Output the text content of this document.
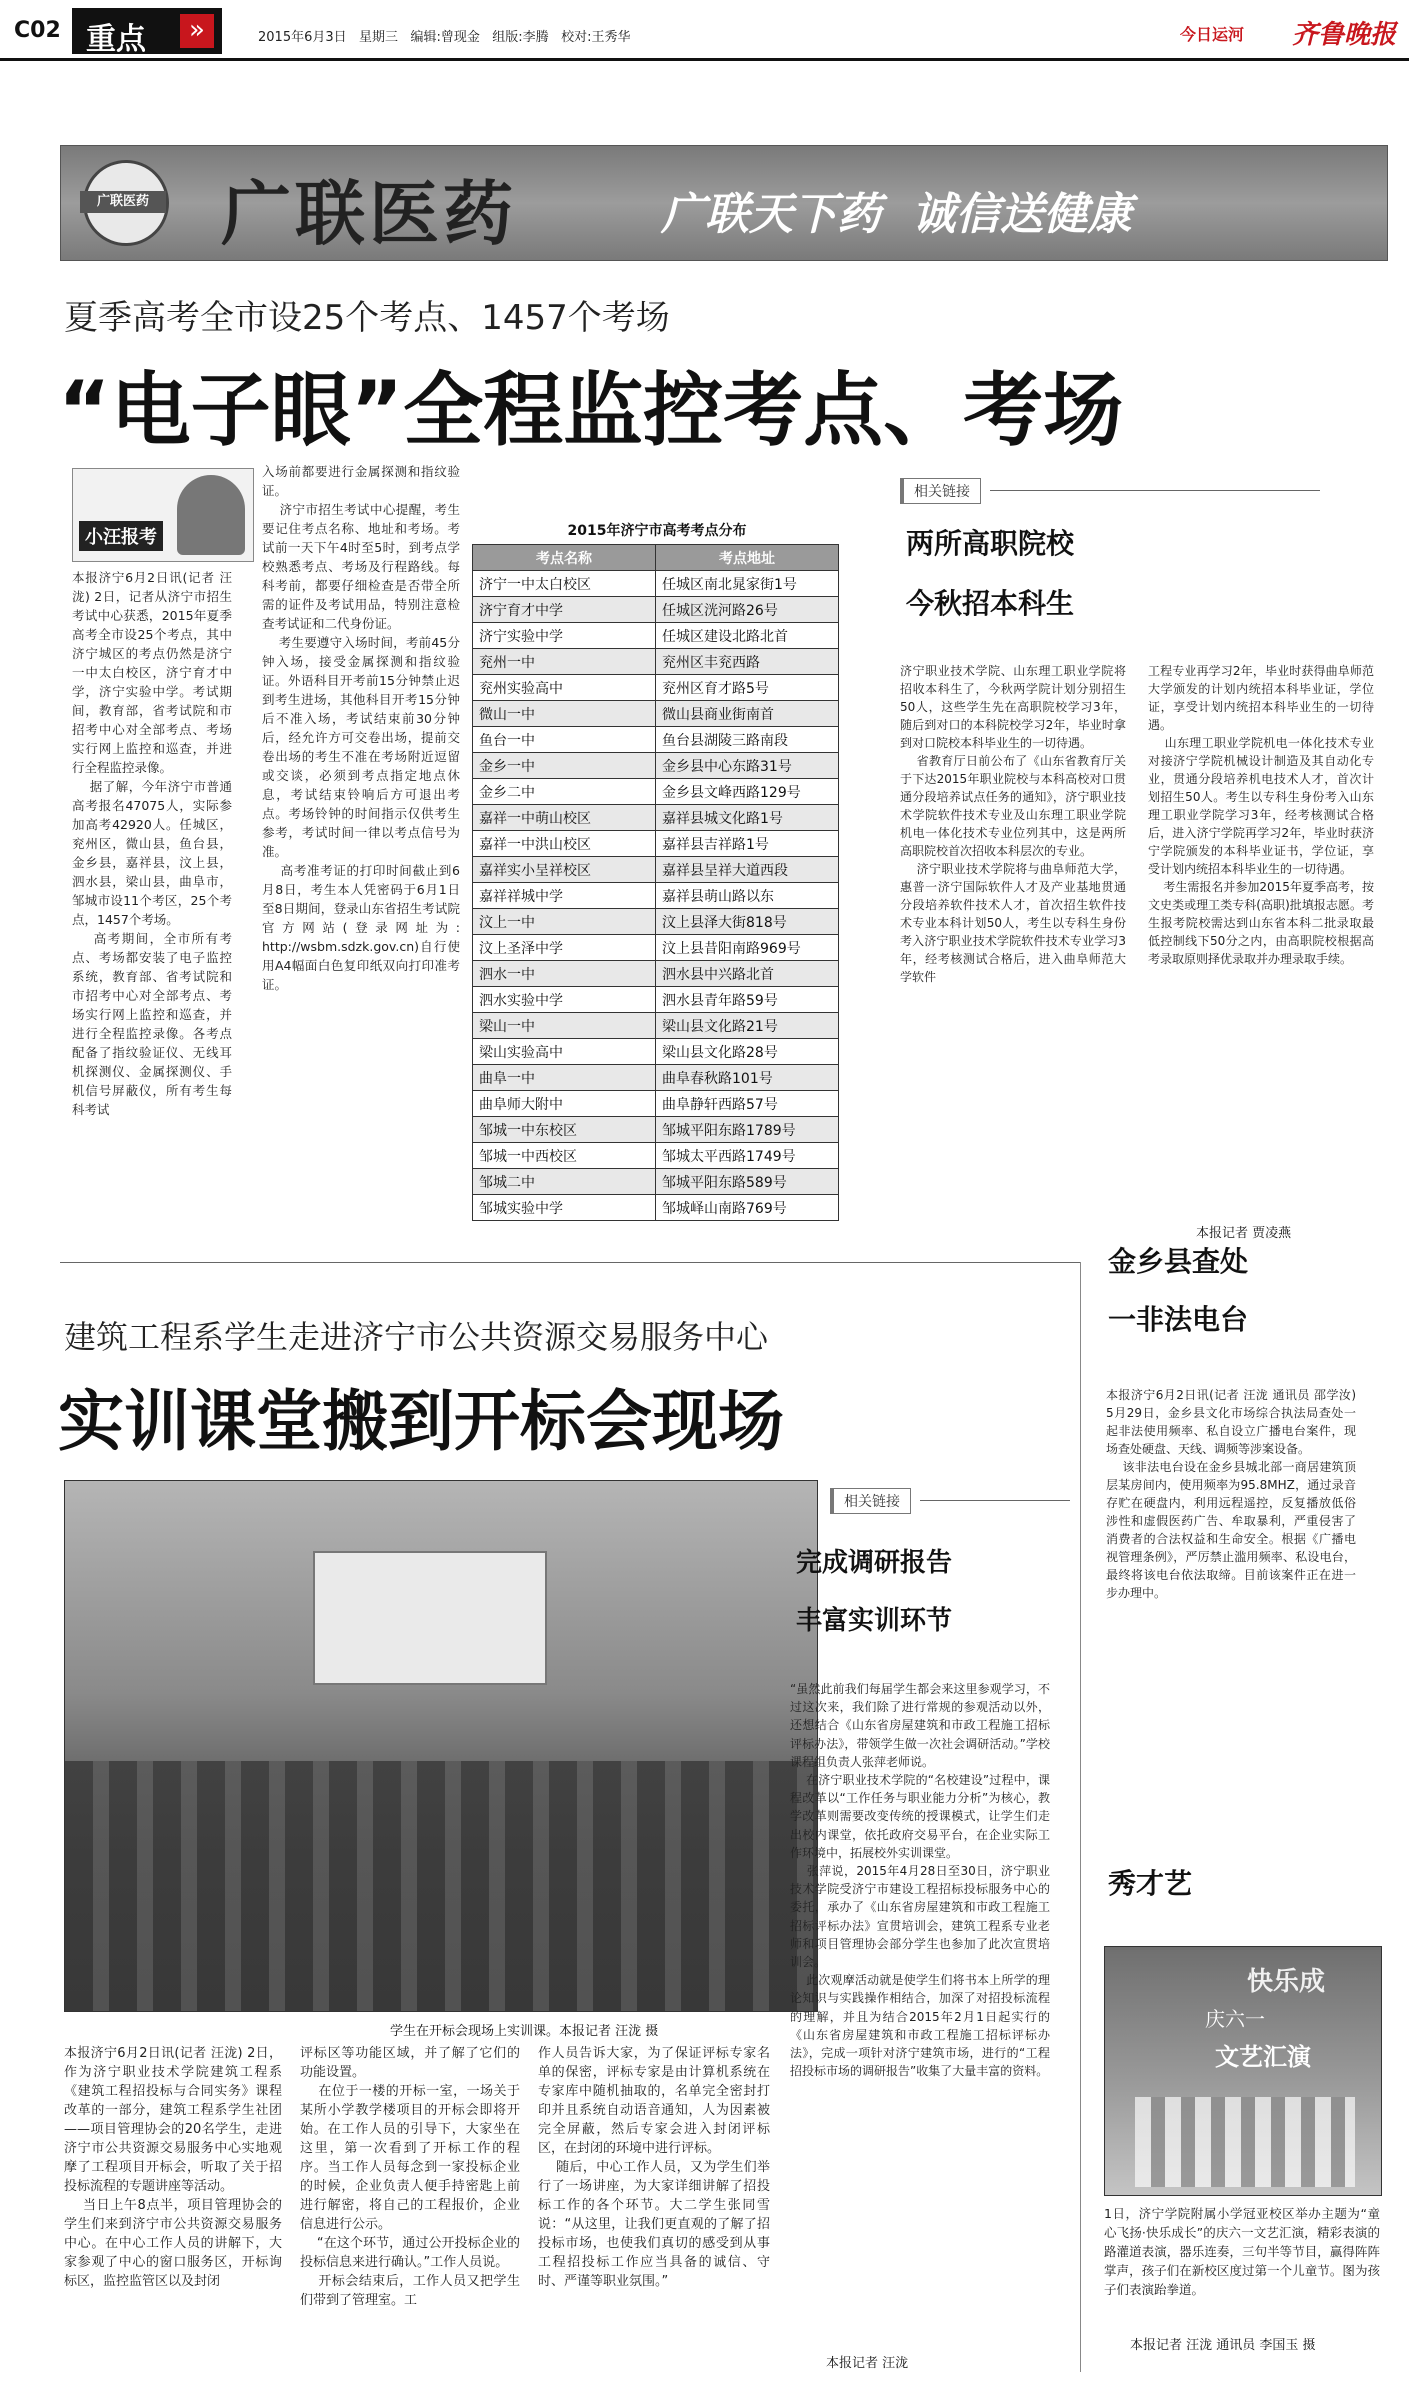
C02 重点	»	2015年6月3日 星期三 编辑:曾现金 组版:李腾 校对:王秀华	今日运河 齐鲁晚报
广联医药 广联医药	广联天下药  诚信送健康
夏季高考全市设25个考点、1457个考场
“电子眼”全程监控考点、考场
小汪报考
本报济宁6月2日讯(记者 汪泷) 2日，记者从济宁市招生考试中心获悉，2015年夏季高考全市设25个考点，其中济宁城区的考点仍然是济宁一中太白校区，济宁育才中学，济宁实验中学。考试期间，教育部，省考试院和市招考中心对全部考点、考场实行网上监控和巡查，并进行全程监控录像。
据了解，今年济宁市普通高考报名47075人，实际参加高考42920人。任城区，兖州区，微山县，鱼台县，金乡县，嘉祥县，汶上县，泗水县，梁山县，曲阜市，邹城市设11个考区，25个考点，1457个考场。
高考期间，全市所有考点、考场都安装了电子监控系统，教育部、省考试院和市招考中心对全部考点、考场实行网上监控和巡查，并进行全程监控录像。各考点配备了指纹验证仪、无线耳机探测仪、金属探测仪、手机信号屏蔽仪，所有考生每科考试
入场前都要进行金属探测和指纹验证。
济宁市招生考试中心提醒，考生要记住考点名称、地址和考场。考试前一天下午4时至5时，到考点学校熟悉考点、考场及行程路线。每科考前，都要仔细检查是否带全所需的证件及考试用品，特别注意检查考试证和二代身份证。
考生要遵守入场时间，考前45分钟入场，接受金属探测和指纹验证。外语科目开考前15分钟禁止迟到考生进场，其他科目开考15分钟后不准入场，考试结束前30分钟后，经允许方可交卷出场，提前交卷出场的考生不准在考场附近逗留或交谈，必须到考点指定地点休息，考试结束铃响后方可退出考点。考场铃钟的时间指示仅供考生参考，考试时间一律以考点信号为准。
高考准考证的打印时间截止到6月8日，考生本人凭密码于6月1日至8日期间，登录山东省招生考试院官方网站(登录网址为: http://wsbm.sdzk.gov.cn)自行使用A4幅面白色复印纸双向打印准考证。
2015年济宁市高考考点分布
考点名称	考点地址
济宁一中太白校区	任城区南北晁家街1号
济宁育才中学	任城区洸河路26号
济宁实验中学	任城区建设北路北首
兖州一中	兖州区丰兖西路
兖州实验高中	兖州区育才路5号
微山一中	微山县商业街南首
鱼台一中	鱼台县湖陵三路南段
金乡一中	金乡县中心东路31号
金乡二中	金乡县文峰西路129号
嘉祥一中萌山校区	嘉祥县城文化路1号
嘉祥一中洪山校区	嘉祥县吉祥路1号
嘉祥实小呈祥校区	嘉祥县呈祥大道西段
嘉祥祥城中学	嘉祥县萌山路以东
汶上一中	汶上县泽大街818号
汶上圣泽中学	汶上县昔阳南路969号
泗水一中	泗水县中兴路北首
泗水实验中学	泗水县青年路59号
梁山一中	梁山县文化路21号
梁山实验高中	梁山县文化路28号
曲阜一中	曲阜春秋路101号
曲阜师大附中	曲阜静轩西路57号
邹城一中东校区	邹城平阳东路1789号
邹城一中西校区	邹城太平西路1749号
邹城二中	邹城平阳东路589号
邹城实验中学	邹城峄山南路769号
相关链接
两所高职院校
今秋招本科生
济宁职业技术学院、山东理工职业学院将招收本科生了，今秋两学院计划分别招生50人，这些学生先在高职院校学习3年，随后到对口的本科院校学习2年，毕业时拿到对口院校本科毕业生的一切待遇。
省教育厅日前公布了《山东省教育厅关于下达2015年职业院校与本科高校对口贯通分段培养试点任务的通知》，济宁职业技术学院软件技术专业及山东理工职业学院机电一体化技术专业位列其中，这是两所高职院校首次招收本科层次的专业。
济宁职业技术学院将与曲阜师范大学，惠普一济宁国际软件人才及产业基地贯通分段培养软件技术人才，首次招生软件技术专业本科计划50人，考生以专科生身份考入济宁职业技术学院软件技术专业学习3年，经考核测试合格后，进入曲阜师范大学软件
工程专业再学习2年，毕业时获得曲阜师范大学颁发的计划内统招本科毕业证，学位证，享受计划内统招本科毕业生的一切待遇。
山东理工职业学院机电一体化技术专业对接济宁学院机械设计制造及其自动化专业，贯通分段培养机电技术人才，首次计划招生50人。考生以专科生身份考入山东理工职业学院学习3年，经考核测试合格后，进入济宁学院再学习2年，毕业时获济宁学院颁发的本科毕业证书，学位证，享受计划内统招本科毕业生的一切待遇。
考生需报名并参加2015年夏季高考，按文史类或理工类专科(高职)批填报志愿。考生报考院校需达到山东省本科二批录取最低控制线下50分之内，由高职院校根据高考录取原则择优录取并办理录取手续。
本报记者 贾凌燕
金乡县查处
一非法电台
本报济宁6月2日讯(记者 汪泷 通讯员 邵学汝) 5月29日，金乡县文化市场综合执法局查处一起非法使用频率、私自设立广播电台案件，现场查处硬盘、天线、调频等涉案设备。
该非法电台设在金乡县城北部一商居建筑顶层某房间内，使用频率为95.8MHZ，通过录音存贮在硬盘内，利用远程遥控，反复播放低俗涉性和虚假医药广告、牟取暴利，严重侵害了消费者的合法权益和生命安全。根据《广播电视管理条例》，严厉禁止滥用频率、私设电台，最终将该电台依法取缔。目前该案件正在进一步办理中。
建筑工程系学生走进济宁市公共资源交易服务中心
实训课堂搬到开标会现场
学生在开标会现场上实训课。本报记者 汪泷 摄
本报济宁6月2日讯(记者 汪泷) 2日，作为济宁职业技术学院建筑工程系《建筑工程招投标与合同实务》课程改革的一部分，建筑工程系学生社团——项目管理协会的20名学生，走进济宁市公共资源交易服务中心实地观摩了工程项目开标会，听取了关于招投标流程的专题讲座等活动。
当日上午8点半，项目管理协会的学生们来到济宁市公共资源交易服务中心。在中心工作人员的讲解下，大家参观了中心的窗口服务区，开标询标区，监控监管区以及封闭
评标区等功能区域，并了解了它们的功能设置。
在位于一楼的开标一室，一场关于某所小学教学楼项目的开标会即将开始。在工作人员的引导下，大家坐在这里，第一次看到了开标工作的程序。当工作人员每念到一家投标企业的时候，企业负责人便手持密匙上前进行解密，将自己的工程报价，企业信息进行公示。
“在这个环节，通过公开投标企业的投标信息来进行确认。”工作人员说。
开标会结束后，工作人员又把学生们带到了管理室。工
作人员告诉大家，为了保证评标专家名单的保密，评标专家是由计算机系统在专家库中随机抽取的，名单完全密封打印并且系统自动语音通知，人为因素被完全屏蔽，然后专家会进入封闭评标区，在封闭的环境中进行评标。
随后，中心工作人员，又为学生们举行了一场讲座，为大家详细讲解了招投标工作的各个环节。大二学生张同雪说：“从这里，让我们更直观的了解了招投标市场，也使我们真切的感受到从事工程招投标工作应当具备的诚信、守时、严谨等职业氛围。”
相关链接
完成调研报告
丰富实训环节
“虽然此前我们每届学生都会来这里参观学习，不过这次来，我们除了进行常规的参观活动以外，还想结合《山东省房屋建筑和市政工程施工招标评标办法》，带领学生做一次社会调研活动。”学校课程组负责人张萍老师说。
在济宁职业技术学院的“名校建设”过程中，课程改革以“工作任务与职业能力分析”为核心，教学改革则需要改变传统的授课模式，让学生们走出校内课堂，依托政府交易平台，在企业实际工作环境中，拓展校外实训课堂。
张萍说，2015年4月28日至30日，济宁职业技术学院受济宁市建设工程招标投标服务中心的委托，承办了《山东省房屋建筑和市政工程施工招标评标办法》宣贯培训会，建筑工程系专业老师和项目管理协会部分学生也参加了此次宣贯培训会。
此次观摩活动就是使学生们将书本上所学的理论知识与实践操作相结合，加深了对招投标流程的理解，并且为结合2015年2月1日起实行的《山东省房屋建筑和市政工程施工招标评标办法》，完成一项针对济宁建筑市场，进行的“工程招投标市场的调研报告”收集了大量丰富的资料。
本报记者 汪泷
秀才艺
快乐成
庆六一
文艺汇演
1日，济宁学院附属小学冠亚校区举办主题为“童心飞扬·快乐成长”的庆六一文艺汇演，精彩表演的路灌道表演，器乐连奏，三句半等节目，赢得阵阵掌声，孩子们在新校区度过第一个儿童节。图为孩子们表演跆拳道。
本报记者 汪泷 通讯员 李国玉 摄
